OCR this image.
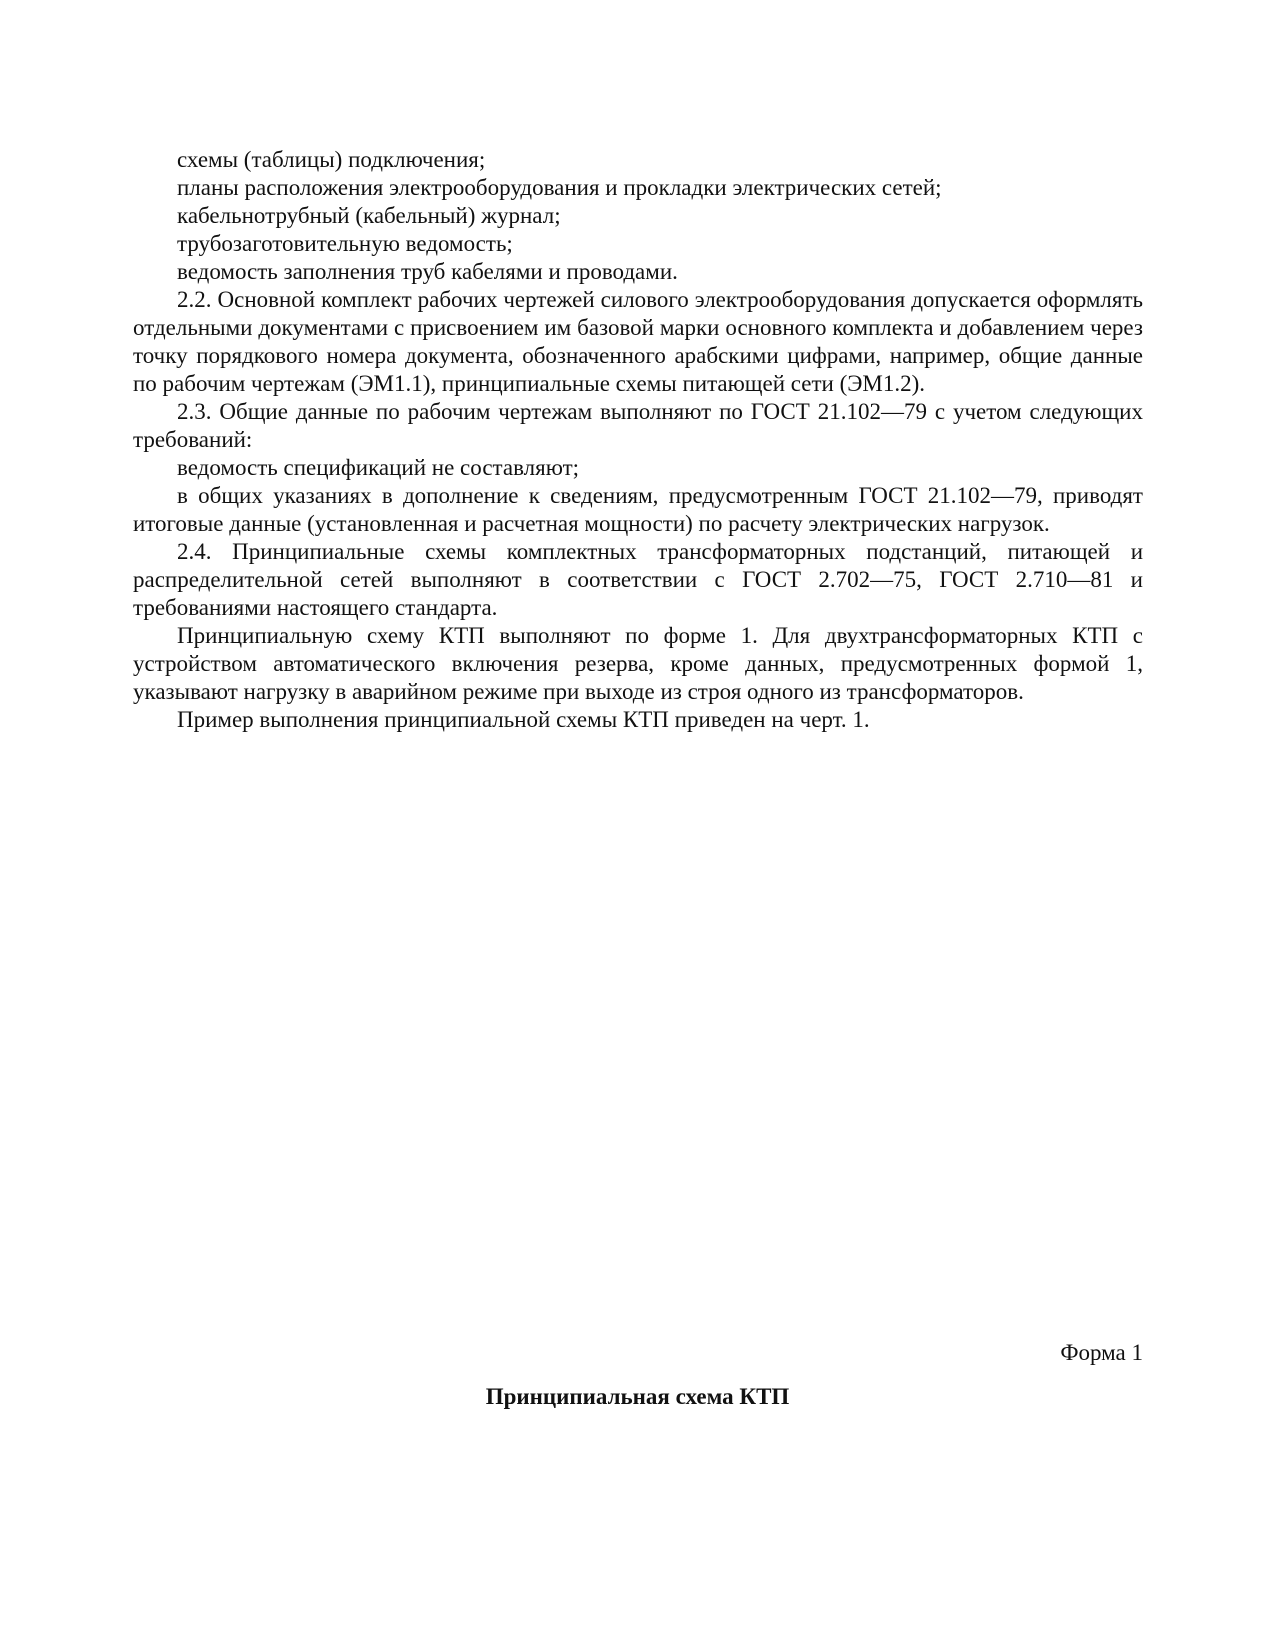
схемы (таблицы) подключения;

планы расположения электрооборудования и прокладки электрических сетей;

кабельнотрубный (кабельный) журнал;

трубозаготовительную ведомость;

ведомость заполнения труб кабелями и проводами.

2.2. Основной комплект рабочих чертежей силового электрооборудования допускается оформлять отдельными документами с присвоением им базовой марки основного комплекта и добавлением через точку порядкового номера документа, обозначенного арабскими цифрами, например, общие данные по рабочим чертежам (ЭМ1.1), принципиальные схемы питающей сети (ЭМ1.2).

2.3. Общие данные по рабочим чертежам выполняют по ГОСТ 21.102—79 с учетом следующих требований:

ведомость спецификаций не составляют;

в общих указаниях в дополнение к сведениям, предусмотренным ГОСТ 21.102—79, приводят итоговые данные (установленная и расчетная мощности) по расчету электрических нагрузок.

2.4. Принципиальные схемы комплектных трансформаторных подстанций, питающей и распределительной сетей выполняют в соответствии с ГОСТ 2.702—75, ГОСТ 2.710—81 и требованиями настоящего стандарта.

Принципиальную схему КТП выполняют по форме 1. Для двухтрансформаторных КТП с устройством автоматического включения резерва, кроме данных, предусмотренных формой 1, указывают нагрузку в аварийном режиме при выходе из строя одного из трансформаторов.

Пример выполнения принципиальной схемы КТП приведен на черт. 1.

Форма 1
Принципиальная схема КТП
